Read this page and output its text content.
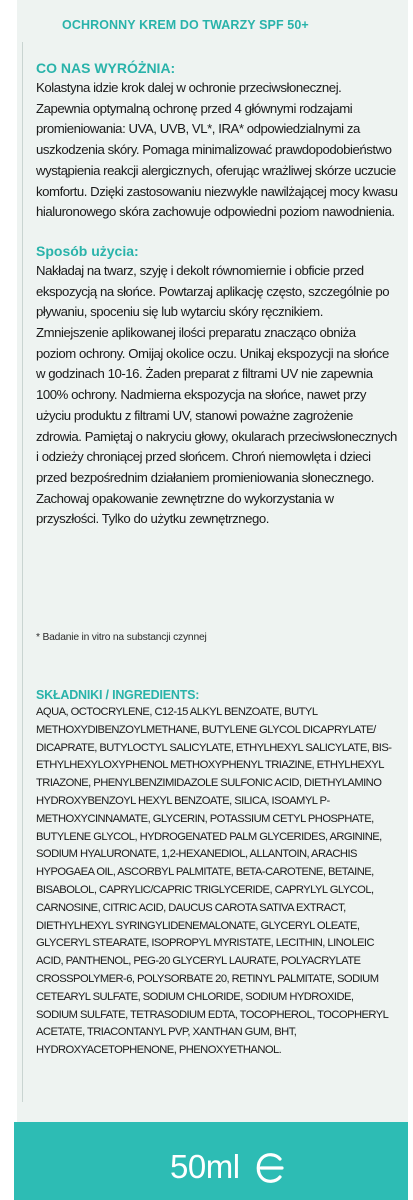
OCHRONNY KREM DO TWARZY SPF 50+
CO NAS WYRÓŻNIA:

Kolastyna idzie krok dalej w ochronie przeciwsłonecznej. Zapewnia optymalną ochronę przed 4 głównymi rodzajami promieniowania: UVA, UVB, VL*, IRA* odpowiedzialnymi za uszkodzenia skóry. Pomaga minimalizować prawdopodobieństwo wystąpienia reakcji alergicznych, oferując wrażliwej skórze uczucie komfortu. Dzięki zastosowaniu niezwykle nawilżającej mocy kwasu hialuronowego skóra zachowuje odpowiedni poziom nawodnienia.

Sposób użycia:

Nakładaj na twarz, szyję i dekolt równomiernie i obficie przed ekspozycją na słońce. Powtarzaj aplikację często, szczególnie po pływaniu, spoceniu się lub wytarciu skóry ręcznikiem. Zmniejszenie aplikowanej ilości preparatu znacząco obniża poziom ochrony. Omijaj okolice oczu. Unikaj ekspozycji na słońce w godzinach 10-16. Żaden preparat z filtrami UV nie zapewnia 100% ochrony. Nadmierna ekspozycja na słońce, nawet przy użyciu produktu z filtrami UV, stanowi poważne zagrożenie zdrowia. Pamiętaj o nakryciu głowy, okularach przeciwsłonecznych i odzieży chroniącej przed słońcem. Chroń niemowlęta i dzieci przed bezpośrednim działaniem promieniowania słonecznego. Zachowaj opakowanie zewnętrzne do wykorzystania w przyszłości. Tylko do użytku zewnętrznego.

* Badanie in vitro na substancji czynnej
SKŁADNIKI / INGREDIENTS:

AQUA, OCTOCRYLENE, C12-15 ALKYL BENZOATE, BUTYL METHOXYDIBENZOYLMETHANE, BUTYLENE GLYCOL DICAPRYLATE/ DICAPRATE, BUTYLOCTYL SALICYLATE, ETHYLHEXYL SALICYLATE, BIS-ETHYLHEXYLOXYPHENOL METHOXYPHENYL TRIAZINE, ETHYLHEXYL TRIAZONE, PHENYLBENZIMIDAZOLE SULFONIC ACID, DIETHYLAMINO HYDROXYBENZOYL HEXYL BENZOATE, SILICA, ISOAMYL P-METHOXYCINNAMATE, GLYCERIN, POTASSIUM CETYL PHOSPHATE, BUTYLENE GLYCOL, HYDROGENATED PALM GLYCERIDES, ARGININE, SODIUM HYALURONATE, 1,2-HEXANEDIOL, ALLANTOIN, ARACHIS HYPOGAEA OIL, ASCORBYL PALMITATE, BETA-CAROTENE, BETAINE, BISABOLOL, CAPRYLIC/CAPRIC TRIGLYCERIDE, CAPRYLYL GLYCOL, CARNOSINE, CITRIC ACID, DAUCUS CAROTA SATIVA EXTRACT, DIETHYLHEXYL SYRINGYLIDENEMALONATE, GLYCERYL OLEATE, GLYCERYL STEARATE, ISOPROPYL MYRISTATE, LECITHIN, LINOLEIC ACID, PANTHENOL, PEG-20 GLYCERYL LAURATE, POLYACRYLATE CROSSPOLYMER-6, POLYSORBATE 20, RETINYL PALMITATE, SODIUM CETEARYL SULFATE, SODIUM CHLORIDE, SODIUM HYDROXIDE, SODIUM SULFATE, TETRASODIUM EDTA, TOCOPHEROL, TOCOPHERYL ACETATE, TRIACONTANYL PVP, XANTHAN GUM, BHT, HYDROXYACETOPHENONE, PHENOXYETHANOL.

50ml
